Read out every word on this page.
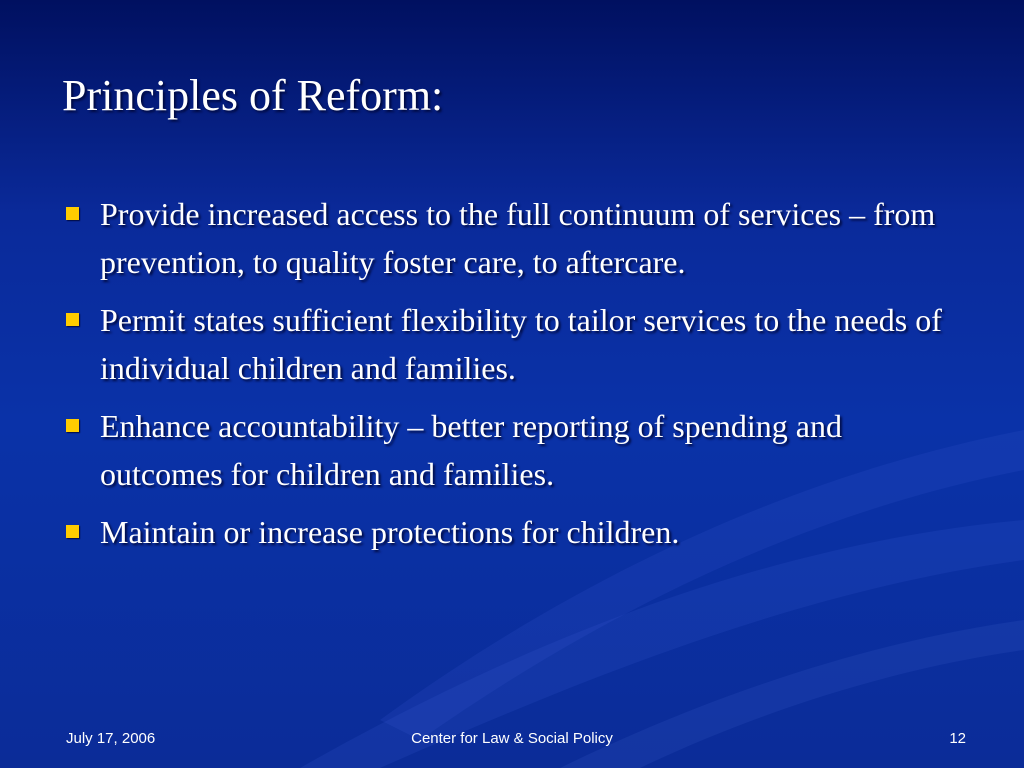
Principles of Reform:
Provide increased access to the full continuum of services – from prevention, to quality foster care, to aftercare.
Permit states sufficient flexibility to tailor services to the needs of individual children and families.
Enhance accountability – better reporting of spending and outcomes for children and families.
Maintain or increase protections for children.
July 17, 2006	Center for Law & Social Policy	12
